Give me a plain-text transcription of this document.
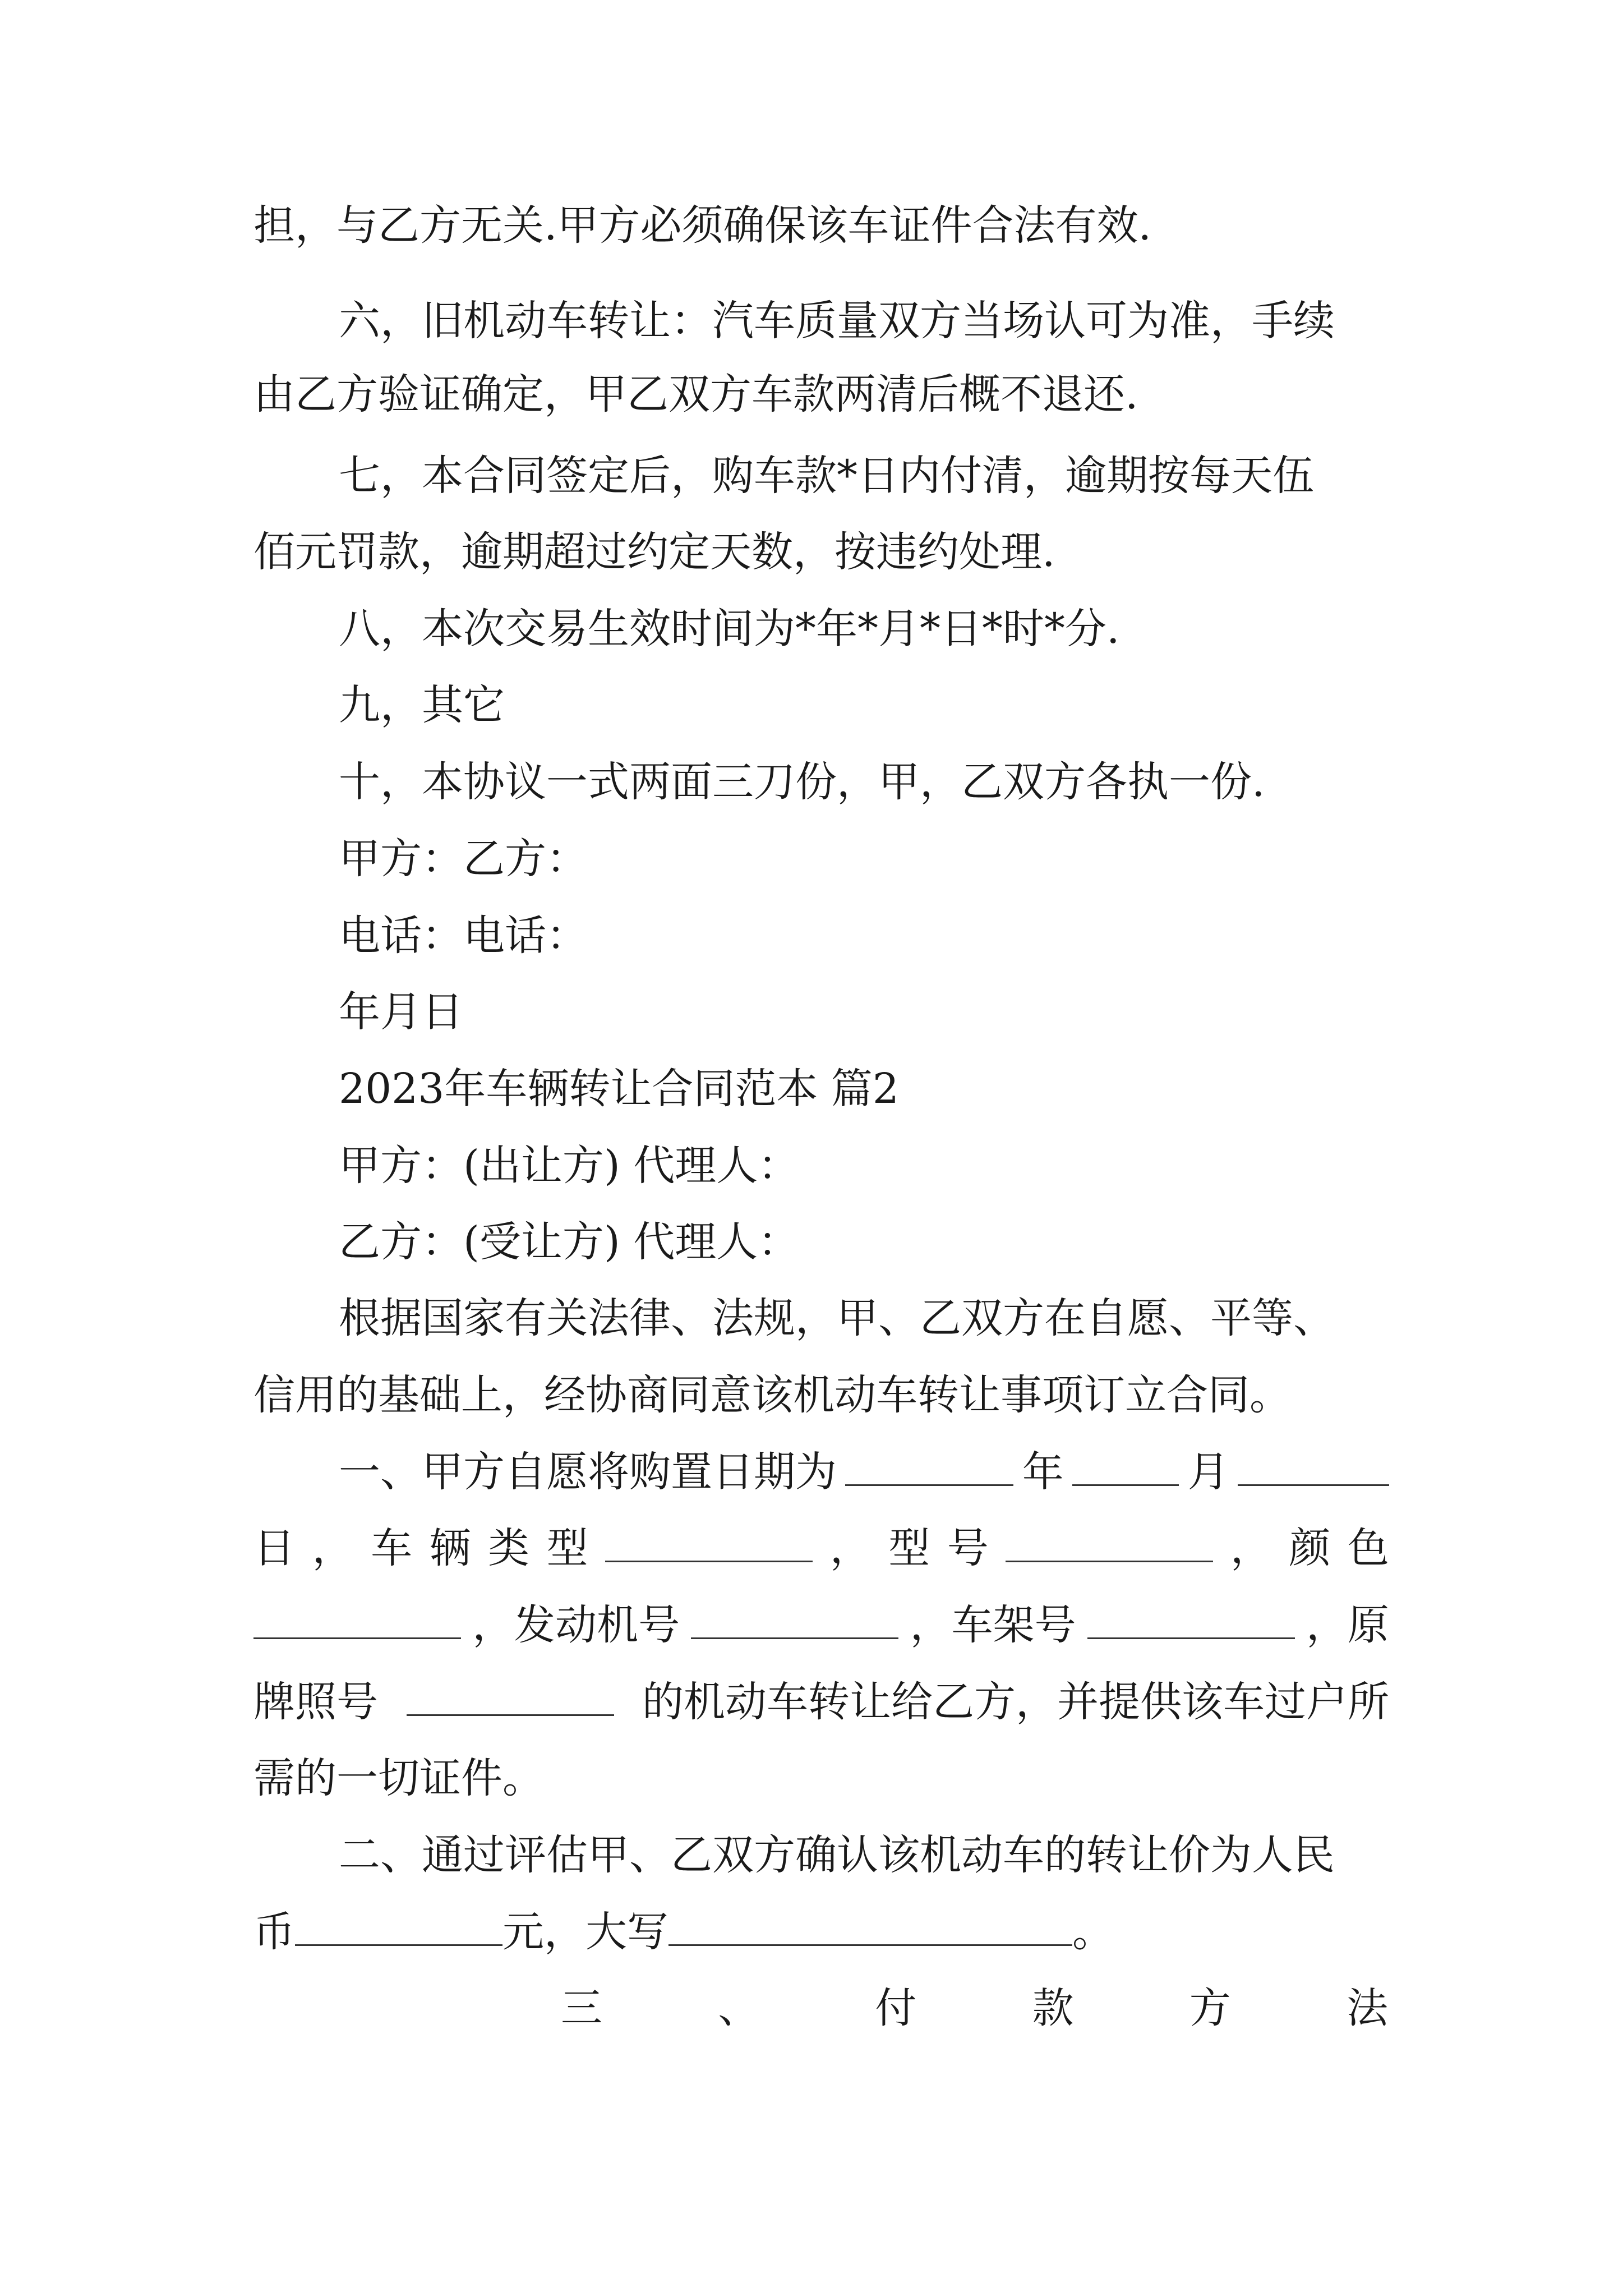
担，与乙方无关.甲方必须确保该车证件合法有效.
六，旧机动车转让：汽车质量双方当场认可为准，手续
由乙方验证确定，甲乙双方车款两清后概不退还.
七，本合同签定后，购车款*日内付清，逾期按每天伍
佰元罚款，逾期超过约定天数，按违约处理.
八，本次交易生效时间为*年*月*日*时*分.
九，其它
十，本协议一式两面三刀份，甲，乙双方各执一份.
甲方：乙方：
电话：电话：
年月日
2023年车辆转让合同范本 篇2
甲方：(出让方) 代理人：
乙方：(受让方) 代理人：
根据国家有关法律、法规，甲、乙双方在自愿、平等、
信用的基础上，经协商同意该机动车转让事项订立合同。
一、甲方自愿将购置日期为	年	月
日 ， 车 辆 类 型	， 型 号	， 颜 色
，发动机号	，车架号	，原
牌照号	的机动车转让给乙方，并提供该车过户所
需的一切证件。
二、通过评估甲、乙双方确认该机动车的转让价为人民
币	元，大写	。
三	、	付	款	方	法
